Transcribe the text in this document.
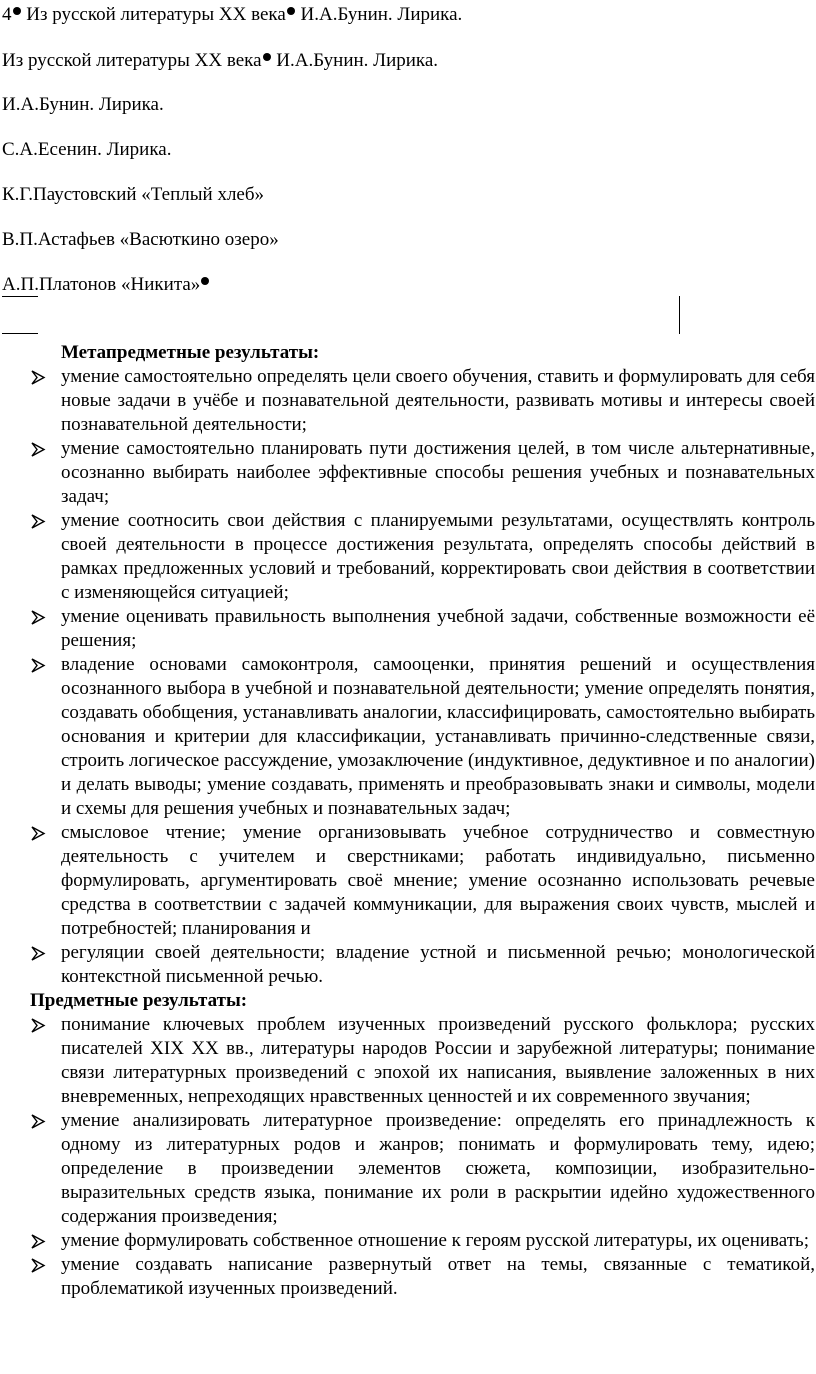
4 Из русской литературы XX века И.А.Бунин. Лирика.
Из русской литературы XX века И.А.Бунин. Лирика.
И.А.Бунин. Лирика.
С.А.Есенин. Лирика.
К.Г.Паустовский «Теплый хлеб»
В.П.Астафьев «Васюткино озеро»
А.П.Платонов «Никита»

Метапредметные результаты:

умение самостоятельно определять цели своего обучения, ставить и формулировать для себя новые задачи в учёбе и познавательной деятельности, развивать мотивы и интересы своей познавательной деятельности;
умение самостоятельно планировать пути достижения целей, в том числе альтернативные, осознанно выбирать наиболее эффективные способы решения учебных и познавательных задач;
умение соотносить свои действия с планируемыми результатами, осуществлять контроль своей деятельности в процессе достижения результата, определять способы действий в рамках предложенных условий и требований, корректировать свои действия в соответствии с изменяющейся ситуацией;
умение оценивать правильность выполнения учебной задачи, собственные возможности её решения;
владение основами самоконтроля, самооценки, принятия решений и осуществления осознанного выбора в учебной и познавательной деятельности; умение определять понятия, создавать обобщения, устанавливать аналогии, классифицировать, самостоятельно выбирать основания и критерии для классификации, устанавливать причинно-следственные связи, строить логическое рассуждение, умозаключение (индуктивное, дедуктивное и по аналогии) и делать выводы; умение создавать, применять и преобразовывать знаки и символы, модели и схемы для решения учебных и познавательных задач;
смысловое чтение; умение организовывать учебное сотрудничество и совместную деятельность с учителем и сверстниками; работать индивидуально, письменно формулировать, аргументировать своё мнение; умение осознанно использовать речевые средства в соответствии с задачей коммуникации, для выражения своих чувств, мыслей и потребностей; планирования и
регуляции своей деятельности; владение устной и письменной речью; монологической контекстной письменной речью.

Предметные результаты:

понимание ключевых проблем изученных произведений русского фольклора; русских писателей XIX XX вв., литературы народов России и зарубежной литературы; понимание связи литературных произведений с эпохой их написания, выявление заложенных в них вневременных, непреходящих нравственных ценностей и их современного звучания;
умение анализировать литературное произведение: определять его принадлежность к одному из литературных родов и жанров; понимать и формулировать тему, идею; определение в произведении элементов сюжета, композиции, изобразительно-выразительных средств языка, понимание их роли в раскрытии идейно художественного содержания произведения;
умение формулировать собственное отношение к героям русской литературы, их оценивать;
умение создавать написание развернутый ответ на темы, связанные с тематикой, проблематикой изученных произведений.
